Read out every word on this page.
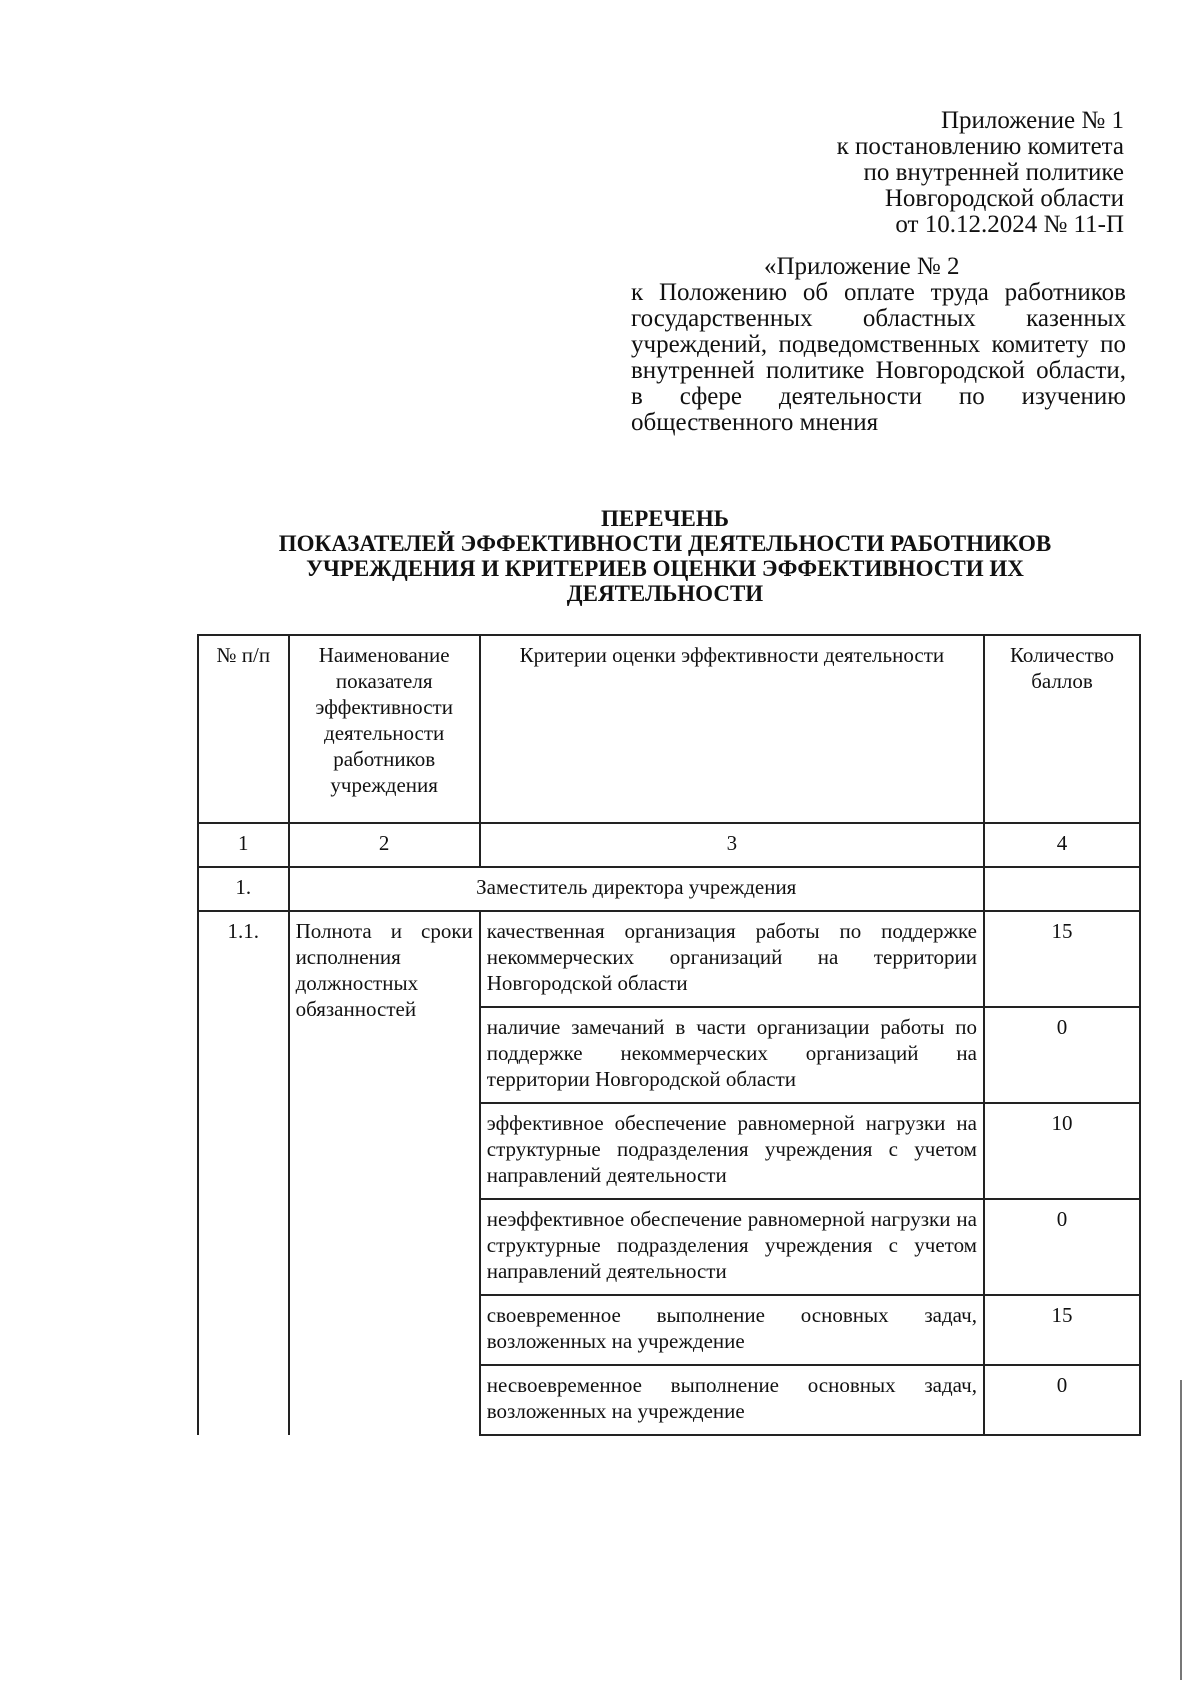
Приложение № 1
к постановлению комитета
по внутренней политике
Новгородской области
от 10.12.2024 № 11-П
«Приложение № 2
к Положению об оплате труда работников государственных областных казенных учреждений, подведомственных комитету по внутренней политике Новгородской области, в сфере деятельности по изучению общественного мнения
ПЕРЕЧЕНЬ
ПОКАЗАТЕЛЕЙ ЭФФЕКТИВНОСТИ ДЕЯТЕЛЬНОСТИ РАБОТНИКОВ
УЧРЕЖДЕНИЯ И КРИТЕРИЕВ ОЦЕНКИ ЭФФЕКТИВНОСТИ ИХ
ДЕЯТЕЛЬНОСТИ
№ п/п	Наименование показателя эффективности деятельности работников учреждения	Критерии оценки эффективности деятельности	Количество баллов
1	2	3	4
1.	Заместитель директора учреждения		
1.1.	Полнота и сроки исполнения должностных обязанностей	качественная организация работы по поддержке некоммерческих организаций на территории Новгородской области	15
		наличие замечаний в части организации работы по поддержке некоммерческих организаций на территории Новгородской области	0
		эффективное обеспечение равномерной нагрузки на структурные подразделения учреждения с учетом направлений деятельности	10
		неэффективное обеспечение равномерной нагрузки на структурные подразделения учреждения с учетом направлений деятельности	0
		своевременное выполнение основных задач, возложенных на учреждение	15
		несвоевременное выполнение основных задач, возложенных на учреждение	0
